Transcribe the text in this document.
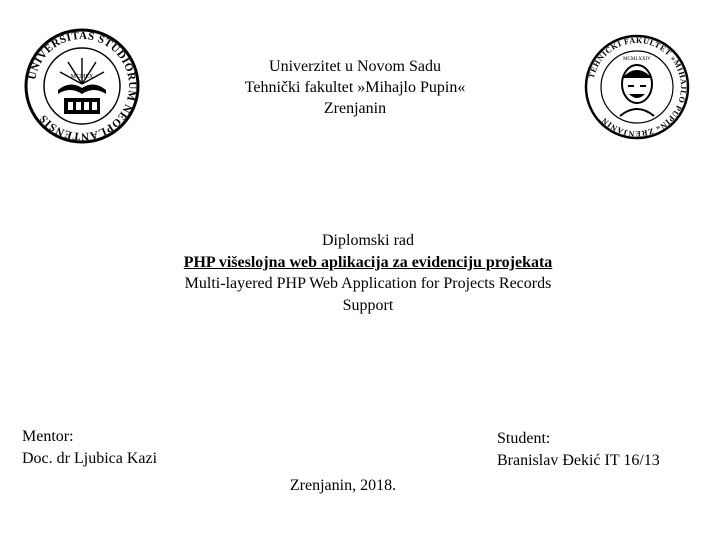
UNIVERSITAS STUDIORUM NEOPLANTENSIS
MCMLX
Univerzitet u Novom Sadu
Tehnički fakultet »Mihajlo Pupin«
Zrenjanin
TEHNIČKI FAKULTET »MIHAJLO PUPIN« ZRENJANIN
MCMLXXIV
Diplomski rad
PHP višeslojna web aplikacija za evidenciju projekata
Multi-layered PHP Web Application for Projects Records
Support
Mentor:
Doc. dr Ljubica Kazi
Student:
Branislav Đekić IT 16/13
Zrenjanin, 2018.
